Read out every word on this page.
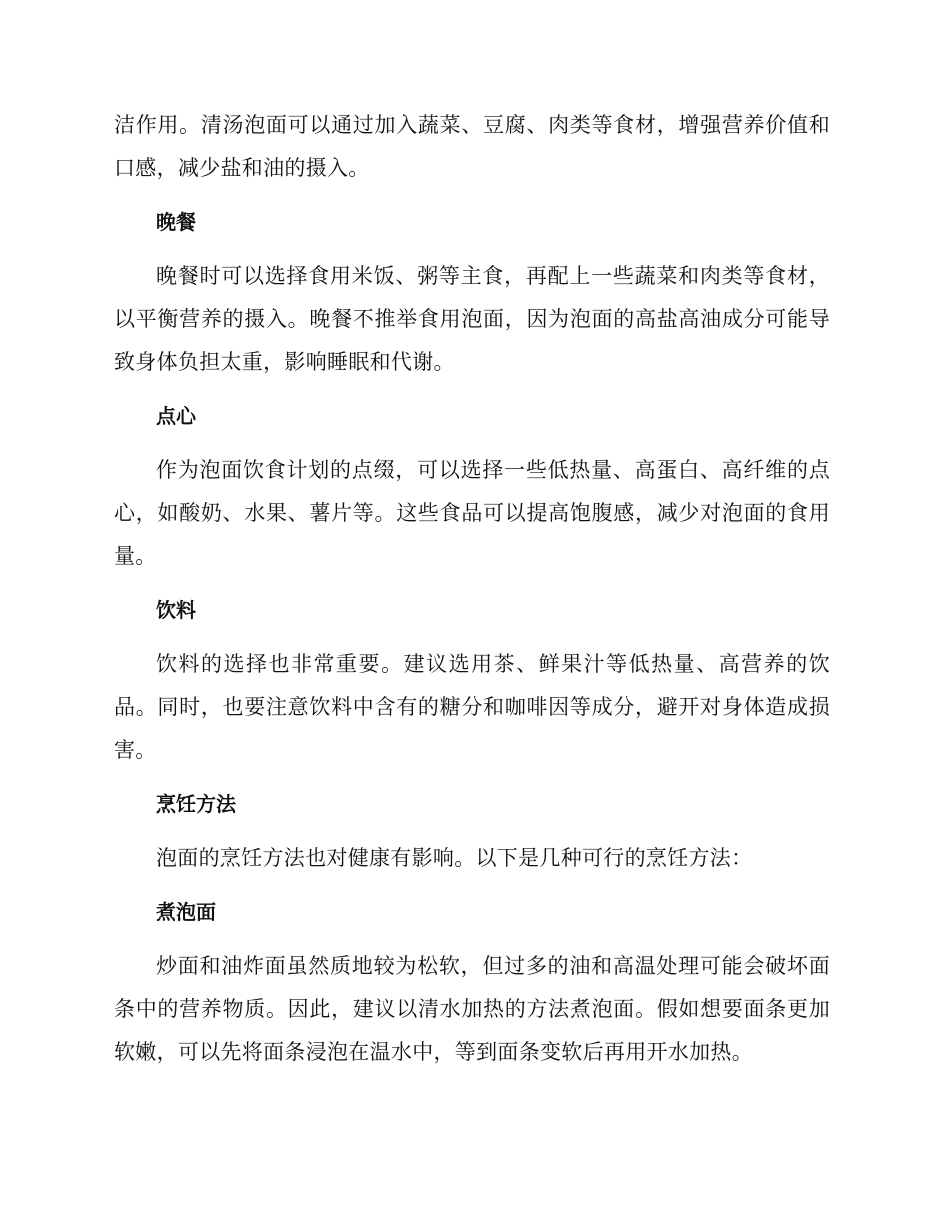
洁作用。清汤泡面可以通过加入蔬菜、豆腐、肉类等食材，增强营养价值和口感，减少盐和油的摄入。

晚餐

晚餐时可以选择食用米饭、粥等主食，再配上一些蔬菜和肉类等食材，以平衡营养的摄入。晚餐不推举食用泡面，因为泡面的高盐高油成分可能导致身体负担太重，影响睡眠和代谢。

点心

作为泡面饮食计划的点缀，可以选择一些低热量、高蛋白、高纤维的点心，如酸奶、水果、薯片等。这些食品可以提高饱腹感，减少对泡面的食用量。

饮料

饮料的选择也非常重要。建议选用茶、鲜果汁等低热量、高营养的饮品。同时，也要注意饮料中含有的糖分和咖啡因等成分，避开对身体造成损害。

烹饪方法

泡面的烹饪方法也对健康有影响。以下是几种可行的烹饪方法：

煮泡面

炒面和油炸面虽然质地较为松软，但过多的油和高温处理可能会破坏面条中的营养物质。因此，建议以清水加热的方法煮泡面。假如想要面条更加软嫩，可以先将面条浸泡在温水中，等到面条变软后再用开水加热。
